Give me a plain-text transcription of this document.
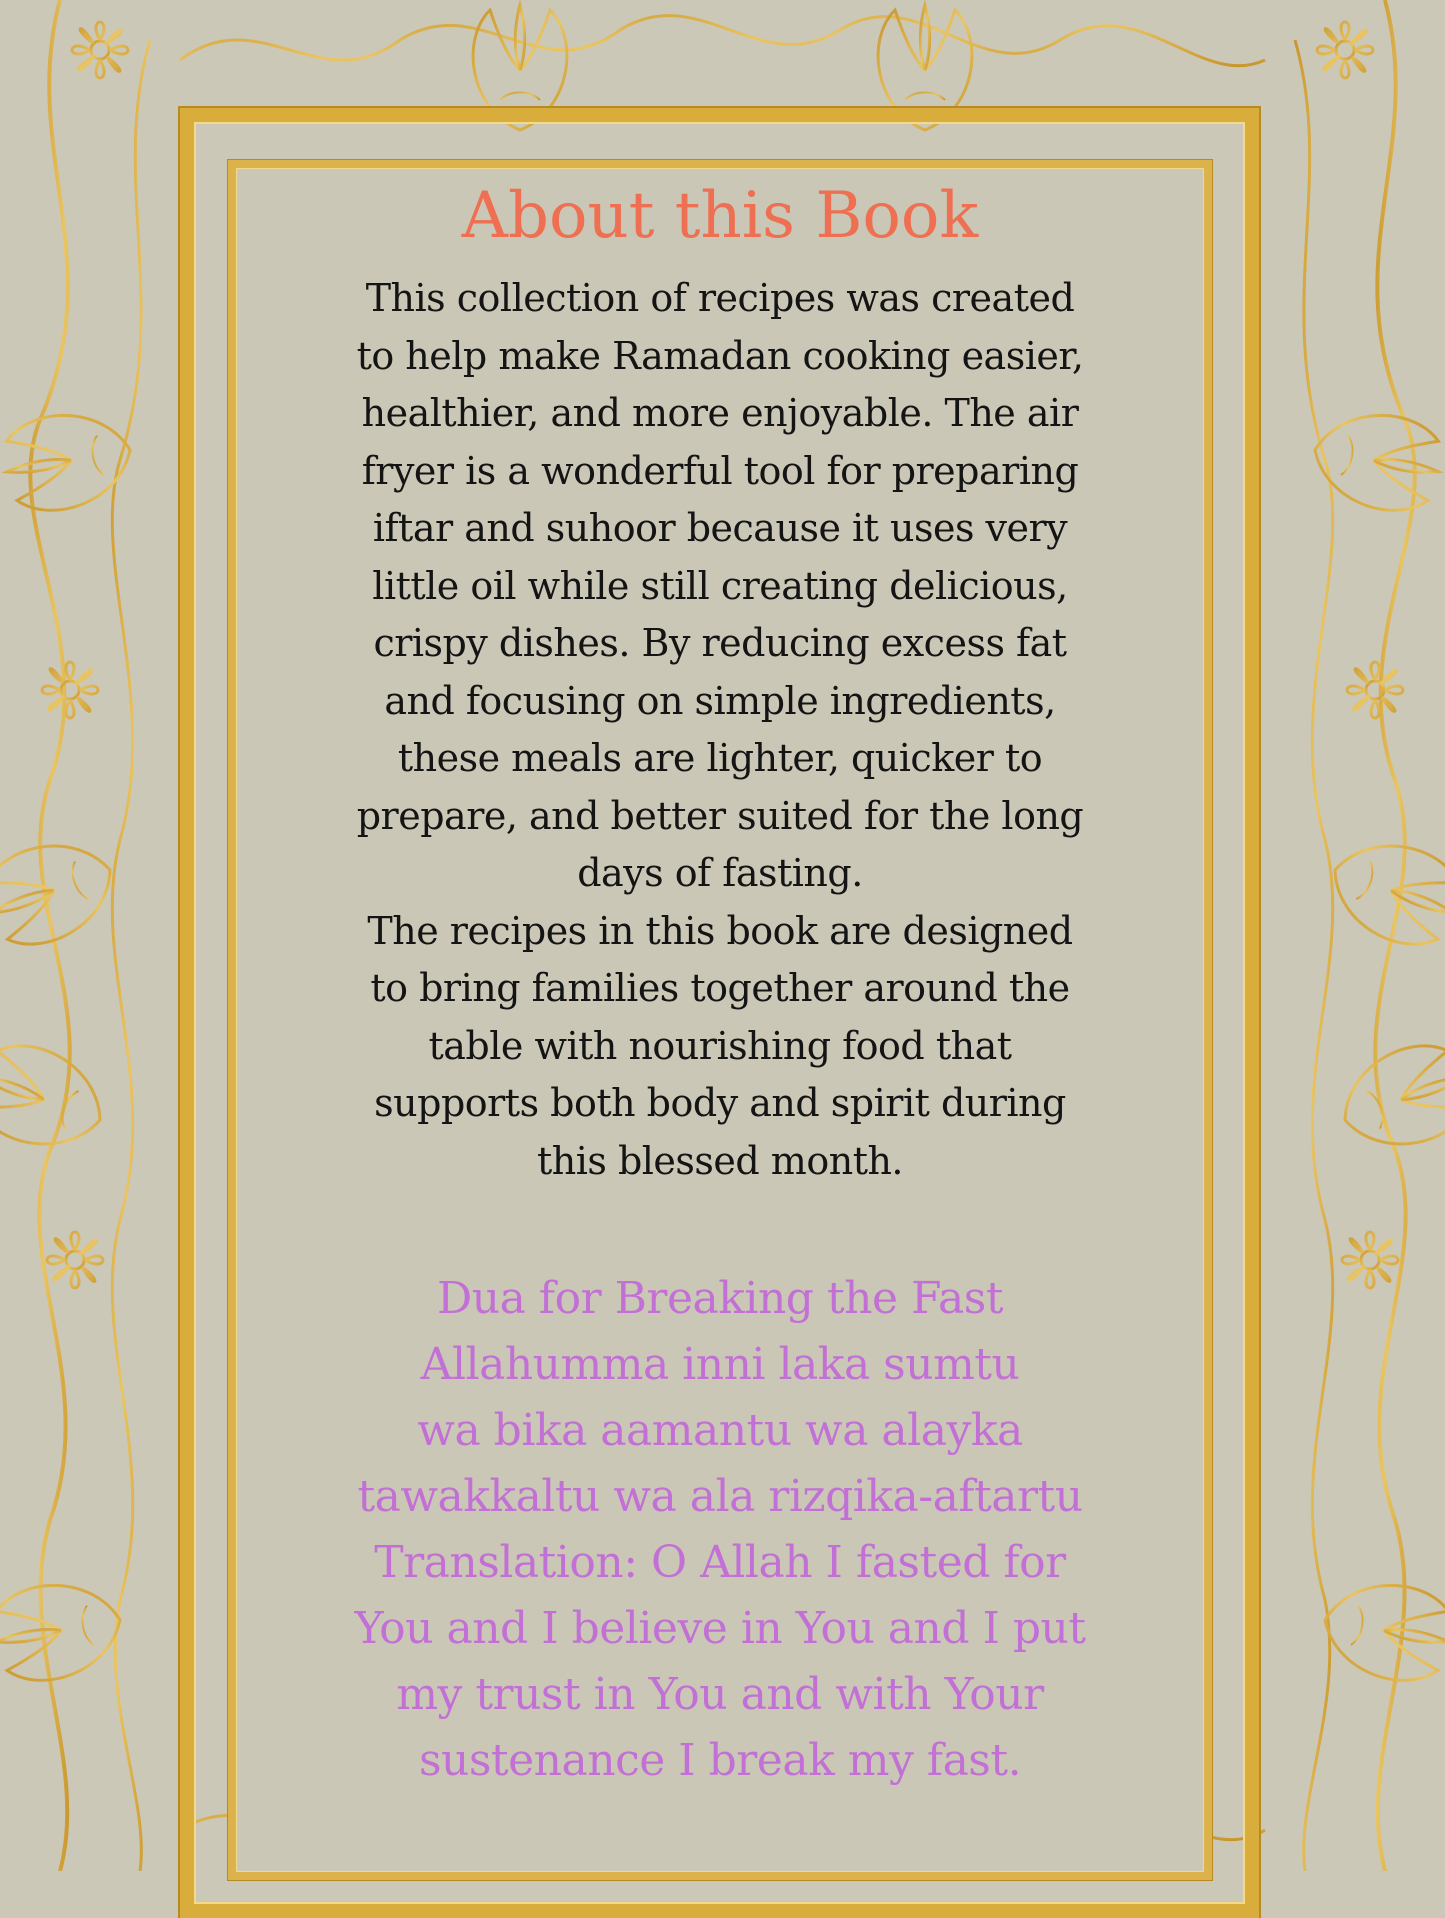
About this Book
This collection of recipes was created
to help make Ramadan cooking easier,
healthier, and more enjoyable. The air
fryer is a wonderful tool for preparing
iftar and suhoor because it uses very
little oil while still creating delicious,
crispy dishes. By reducing excess fat
and focusing on simple ingredients,
these meals are lighter, quicker to
prepare, and better suited for the long
days of fasting.
The recipes in this book are designed
to bring families together around the
table with nourishing food that
supports both body and spirit during
this blessed month.
Dua for Breaking the Fast
Allahumma inni laka sumtu
wa bika aamantu wa alayka
tawakkaltu wa ala rizqika-aftartu
Translation: O Allah I fasted for
You and I believe in You and I put
my trust in You and with Your
sustenance I break my fast.
